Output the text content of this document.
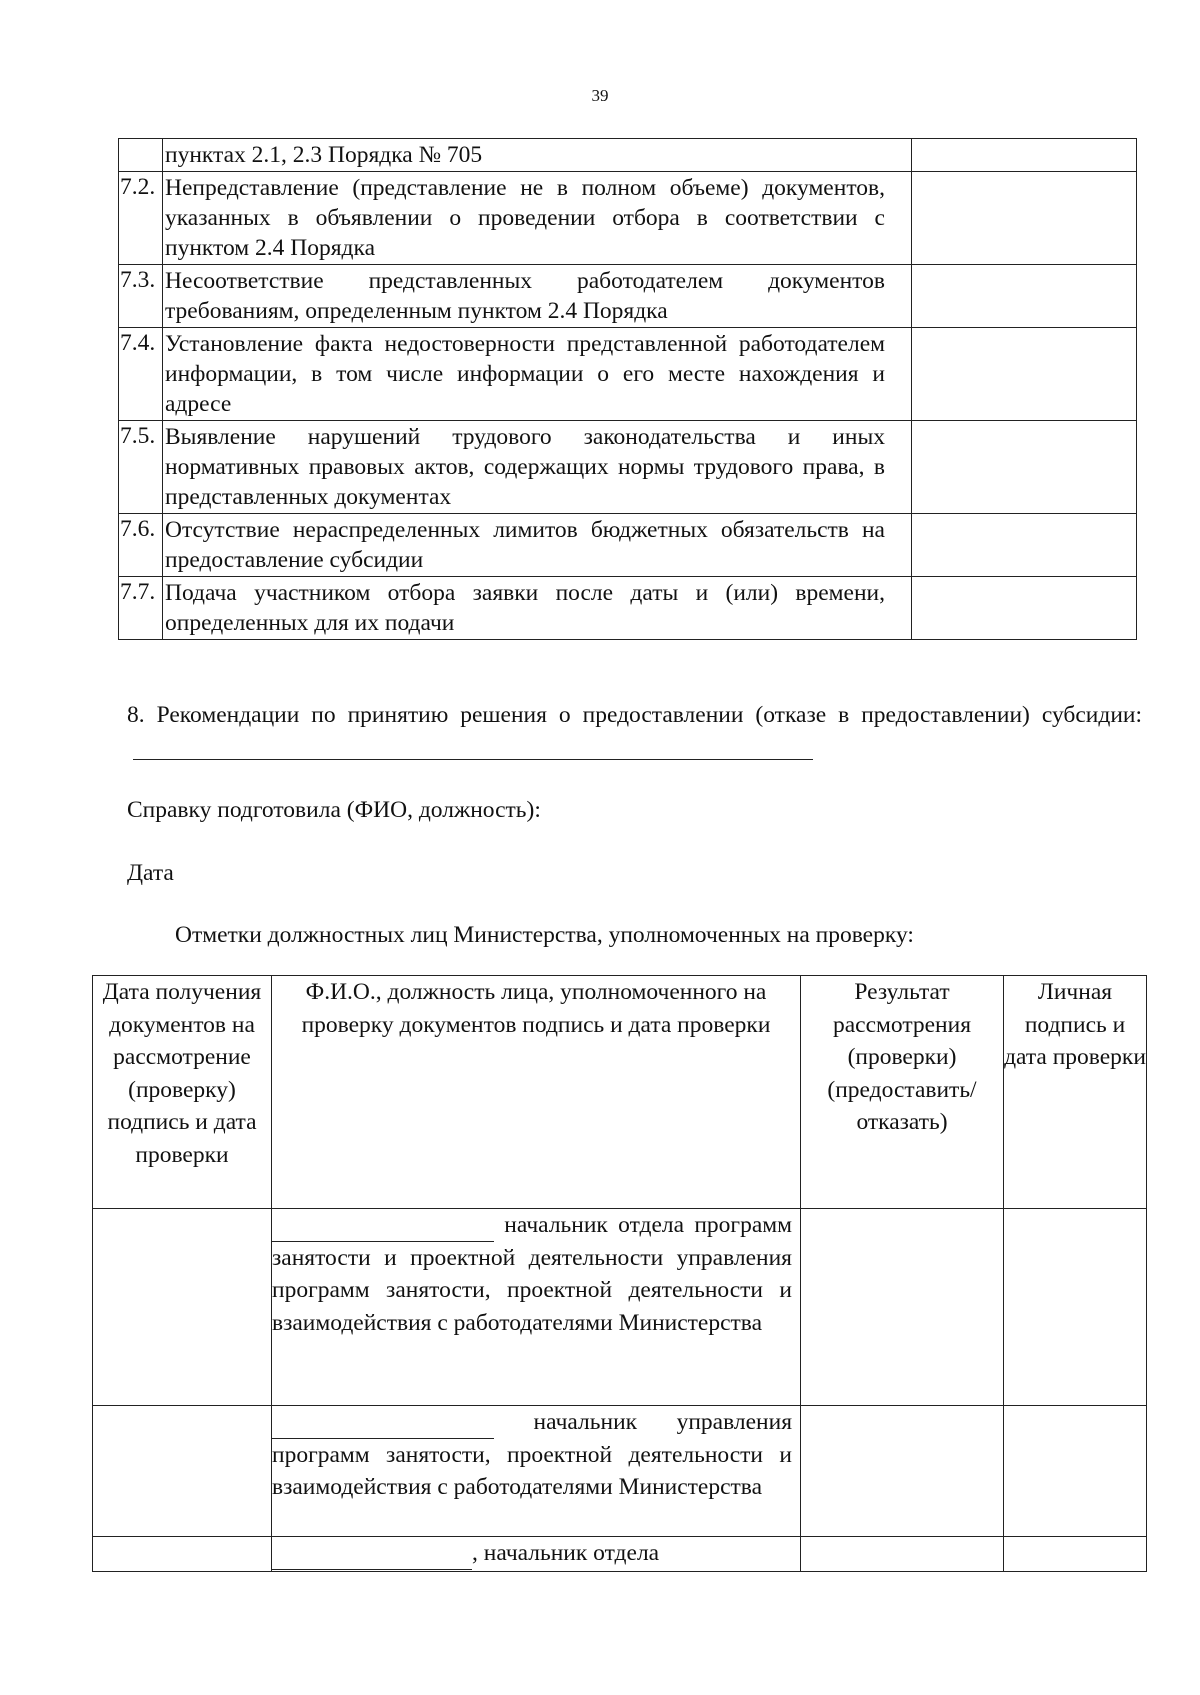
39
	пунктах 2.1, 2.3 Порядка № 705	
7.2.	Непредставление (представление не в полном объеме) документов, указанных в объявлении о проведении отбора в соответствии с пунктом 2.4 Порядка	
7.3.	Несоответствие представленных работодателем документов требованиям, определенным пунктом 2.4 Порядка	
7.4.	Установление факта недостоверности представленной работодателем информации, в том числе информации о его месте нахождения и адресе	
7.5.	Выявление нарушений трудового законодательства и иных нормативных правовых актов, содержащих нормы трудового права, в представленных документах	
7.6.	Отсутствие нераспределенных лимитов бюджетных обязательств на предоставление субсидии	
7.7.	Подача участником отбора заявки после даты и (или) времени, определенных для их подачи	
8. Рекомендации по принятию решения о предоставлении (отказе в предоставлении) субсидии:
Справку подготовила (ФИО, должность):
Дата
Отметки должностных лиц Министерства, уполномоченных на проверку:
Дата получения документов на рассмотрение (проверку) подпись и дата проверки	Ф.И.О., должность лица, уполномоченного на проверку документов подпись и дата проверки	Результат рассмотрения (проверки) (предоставить/отказать)	Личная подпись и дата проверки
	начальник отдела программ занятости и проектной деятельности управления программ занятости, проектной деятельности и взаимодействия с работодателями Министерства		
	начальник управления программ занятости, проектной деятельности и взаимодействия с работодателями Министерства		
	, начальник отдела		
